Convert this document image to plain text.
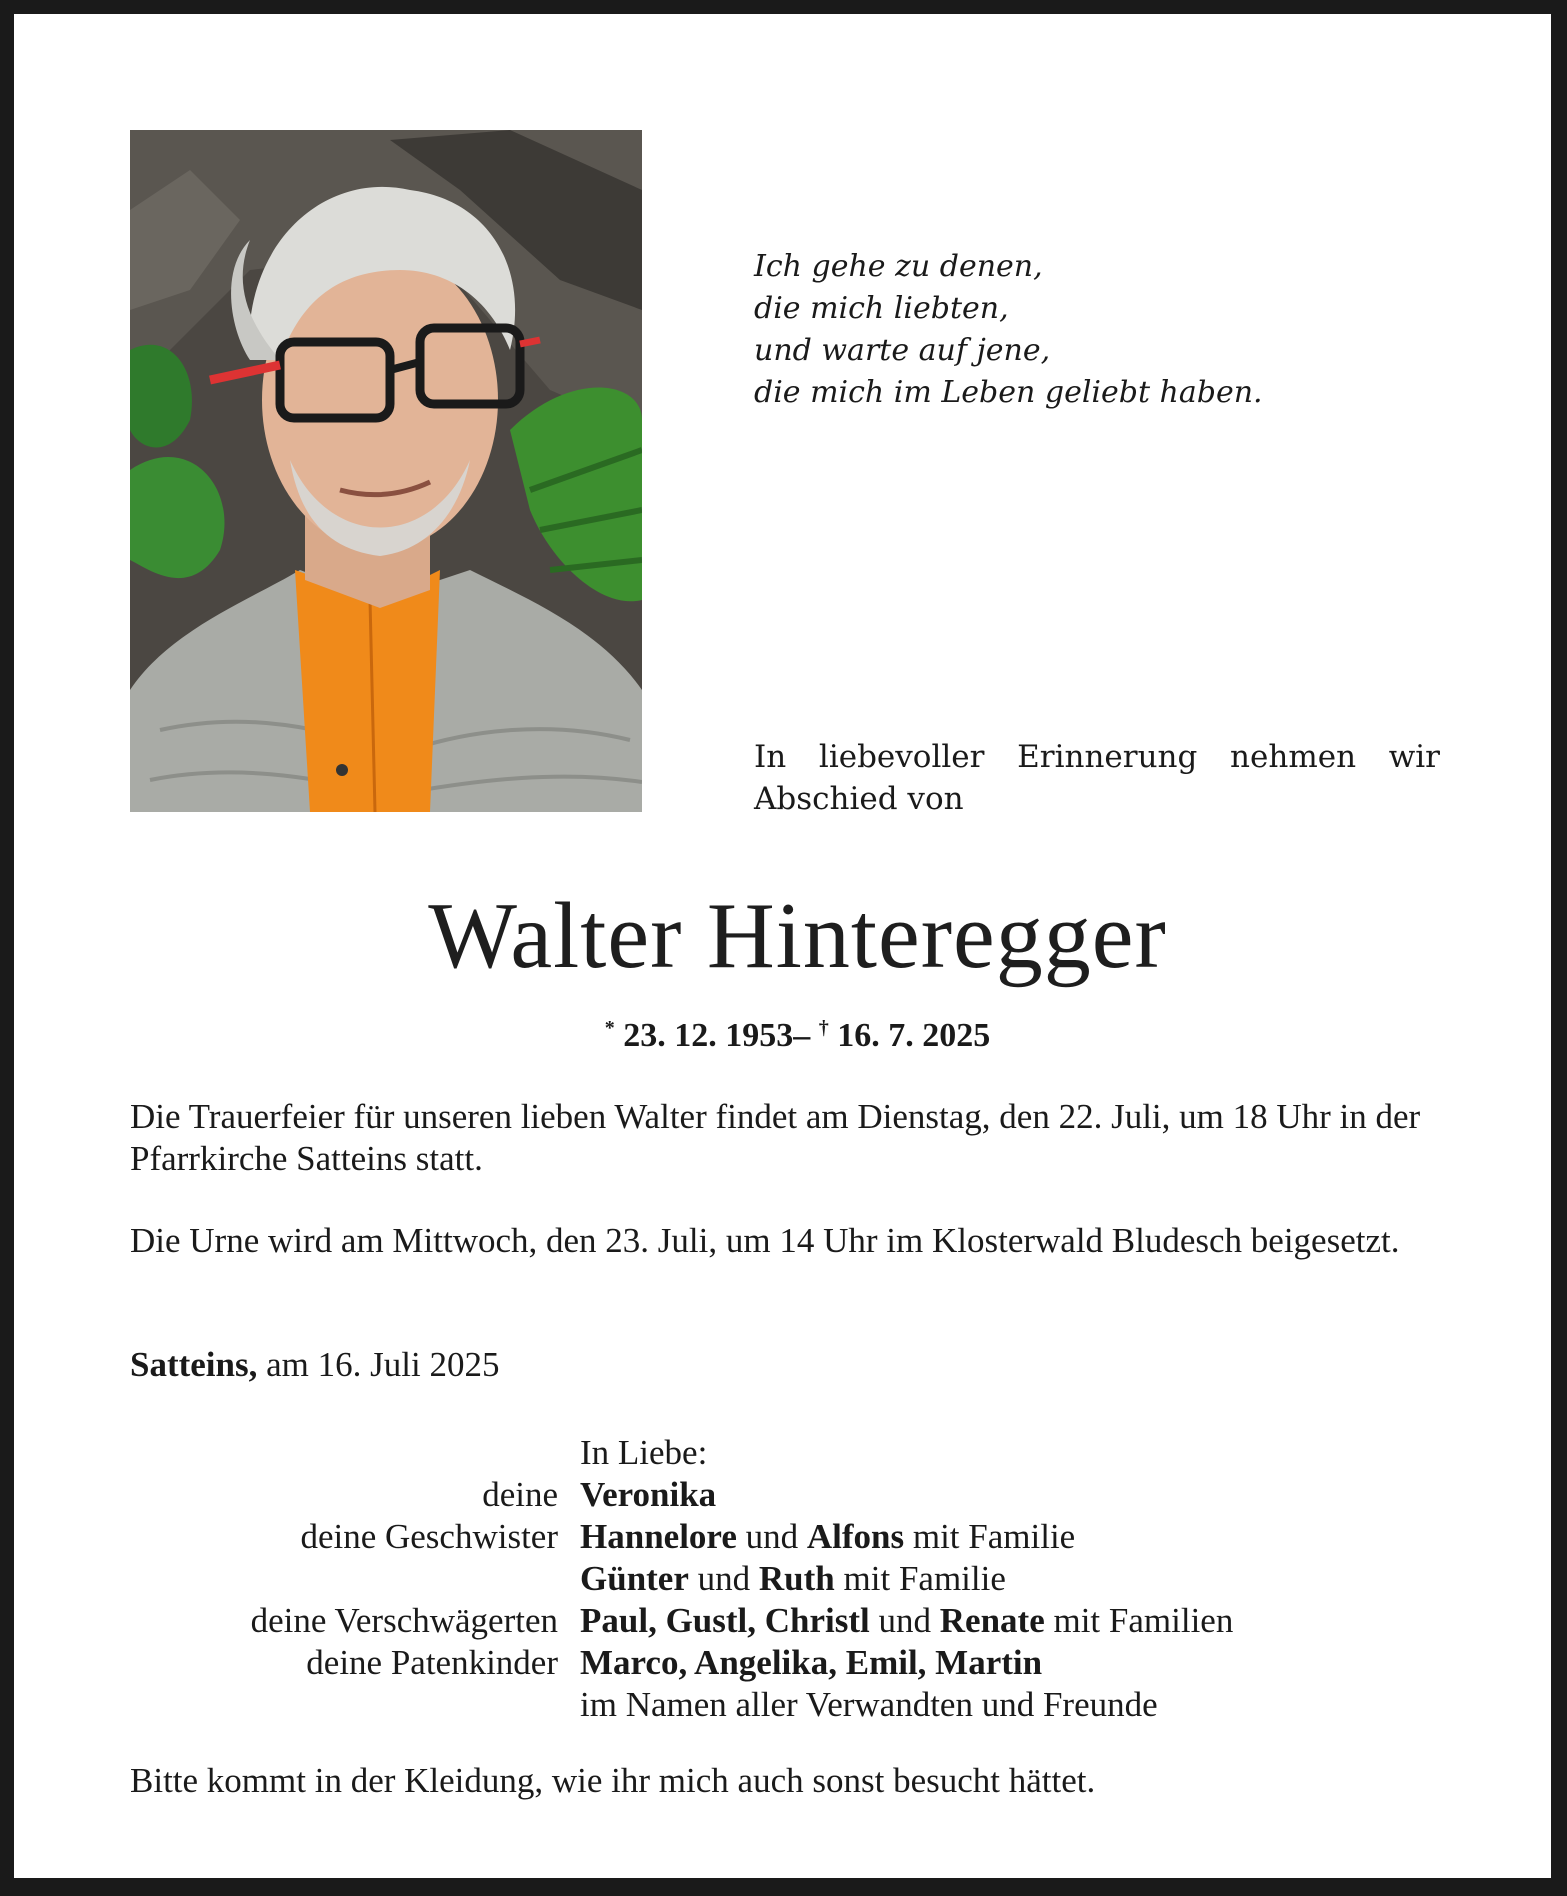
Ich gehe zu denen,
die mich liebten,
und warte auf jene,
die mich im Leben geliebt haben.
In liebevoller Erinnerung nehmen wir Abschied von
Walter Hinteregger
* 23. 12. 1953– † 16. 7. 2025
Die Trauerfeier für unseren lieben Walter findet am Dienstag, den 22. Juli, um 18 Uhr in der Pfarrkirche Satteins statt.
Die Urne wird am Mittwoch, den 23. Juli, um 14 Uhr im Klosterwald Bludesch beigesetzt.
Satteins, am 16. Juli 2025
In Liebe:
deine Veronika
deine Geschwister Hannelore und Alfons mit Familie
Günter und Ruth mit Familie
deine Verschwägerten Paul, Gustl, Christl und Renate mit Familien
deine Patenkinder Marco, Angelika, Emil, Martin
im Namen aller Verwandten und Freunde
Bitte kommt in der Kleidung, wie ihr mich auch sonst besucht hättet.
